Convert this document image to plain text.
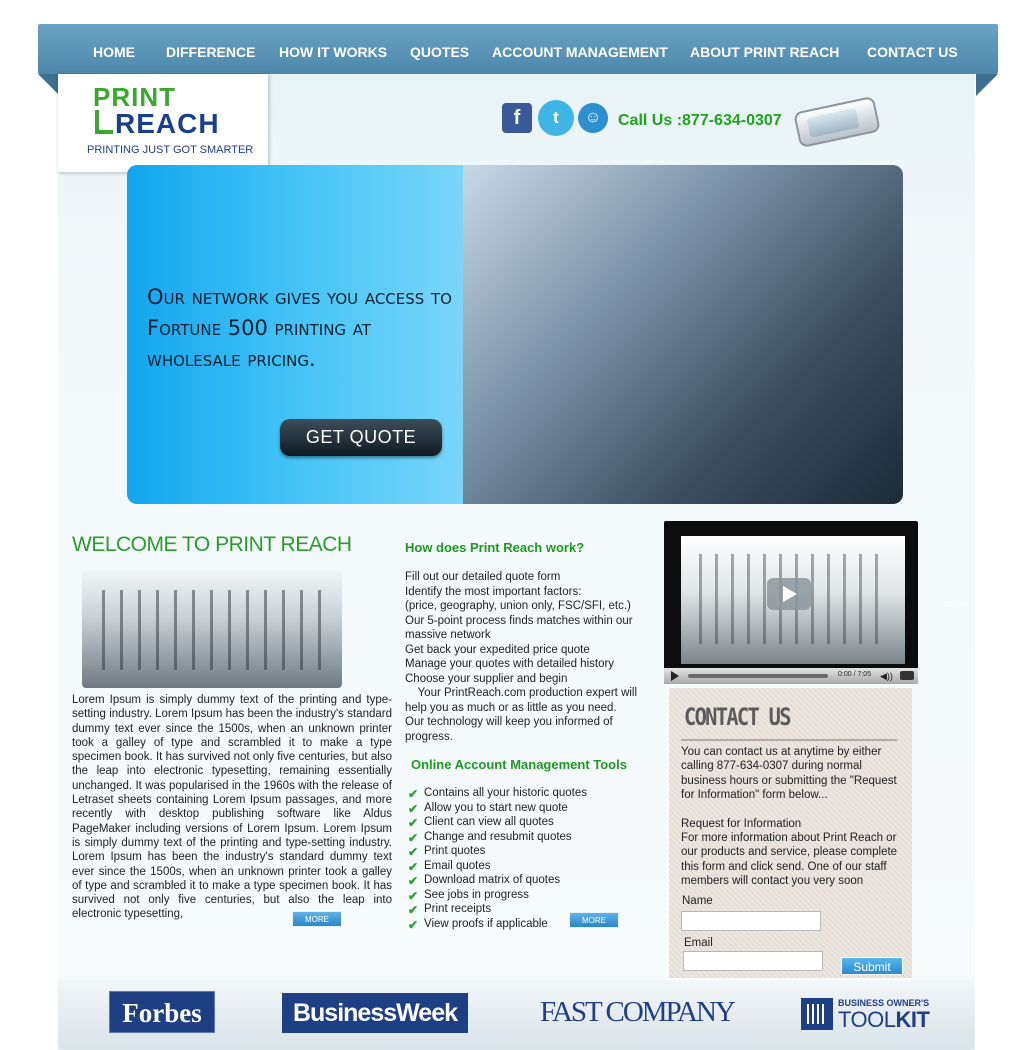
HOME DIFFERENCE HOW IT WORKS QUOTES ACCOUNT MANAGEMENT ABOUT PRINT REACH CONTACT US
PRINT
REACH
PRINTING JUST GOT SMARTER
f	t	☺	Call Us :877-634-0307
Our network gives you access to Fortune 500 printing at wholesale pricing.
GET QUOTE
WELCOME TO PRINT REACH
Lorem Ipsum is simply dummy text of the printing and type-setting industry. Lorem Ipsum has been the industry's standard dummy text ever since the 1500s, when an unknown printer took a galley of type and scrambled it to make a type specimen book. It has survived not only five centuries, but also the leap into electronic typesetting, remaining essentially unchanged. It was popularised in the 1960s with the release of Letraset sheets containing Lorem Ipsum passages, and more recently with desktop publishing software like Aldus PageMaker including versions of Lorem Ipsum. Lorem Ipsum is simply dummy text of the printing and type-setting industry. Lorem Ipsum has been the industry's standard dummy text ever since the 1500s, when an unknown printer took a galley of type and scrambled it to make a type specimen book. It has survived not only five centuries, but also the leap into electronic typesetting,	MORE
How does Print Reach work?
Fill out our detailed quote form
Identify the most important factors:
(price, geography, union only, FSC/SFI, etc.)
Our 5-point process finds matches within our
massive network
Get back your expedited price quote
Manage your quotes with detailed history
Choose your supplier and begin
Your PrintReach.com production expert will
help you as much or as little as you need.
Our technology will keep you informed of
progress.
Online Account Management Tools
✔ Contains all your historic quotes
✔ Allow you to start new quote
✔ Client can view all quotes
✔ Change and resubmit quotes
✔ Print quotes
✔ Email quotes
✔ Download matrix of quotes
✔ See jobs in progress
✔ Print receipts
✔ View proofs if applicable	MORE
0:00 / 7:05 ◀))
MORE
CONTACT US
You can contact us at anytime by either calling 877-634-0307 during normal business hours or submitting the "Request for Information" form below...
Request for Information
For more information about Print Reach or our products and service, please complete this form and click send. One of our staff members will contact you very soon
Name
Email
Submit
Forbes	BusinessWeek	FAST COMPANY	BUSINESS OWNER'S
TOOLKIT
